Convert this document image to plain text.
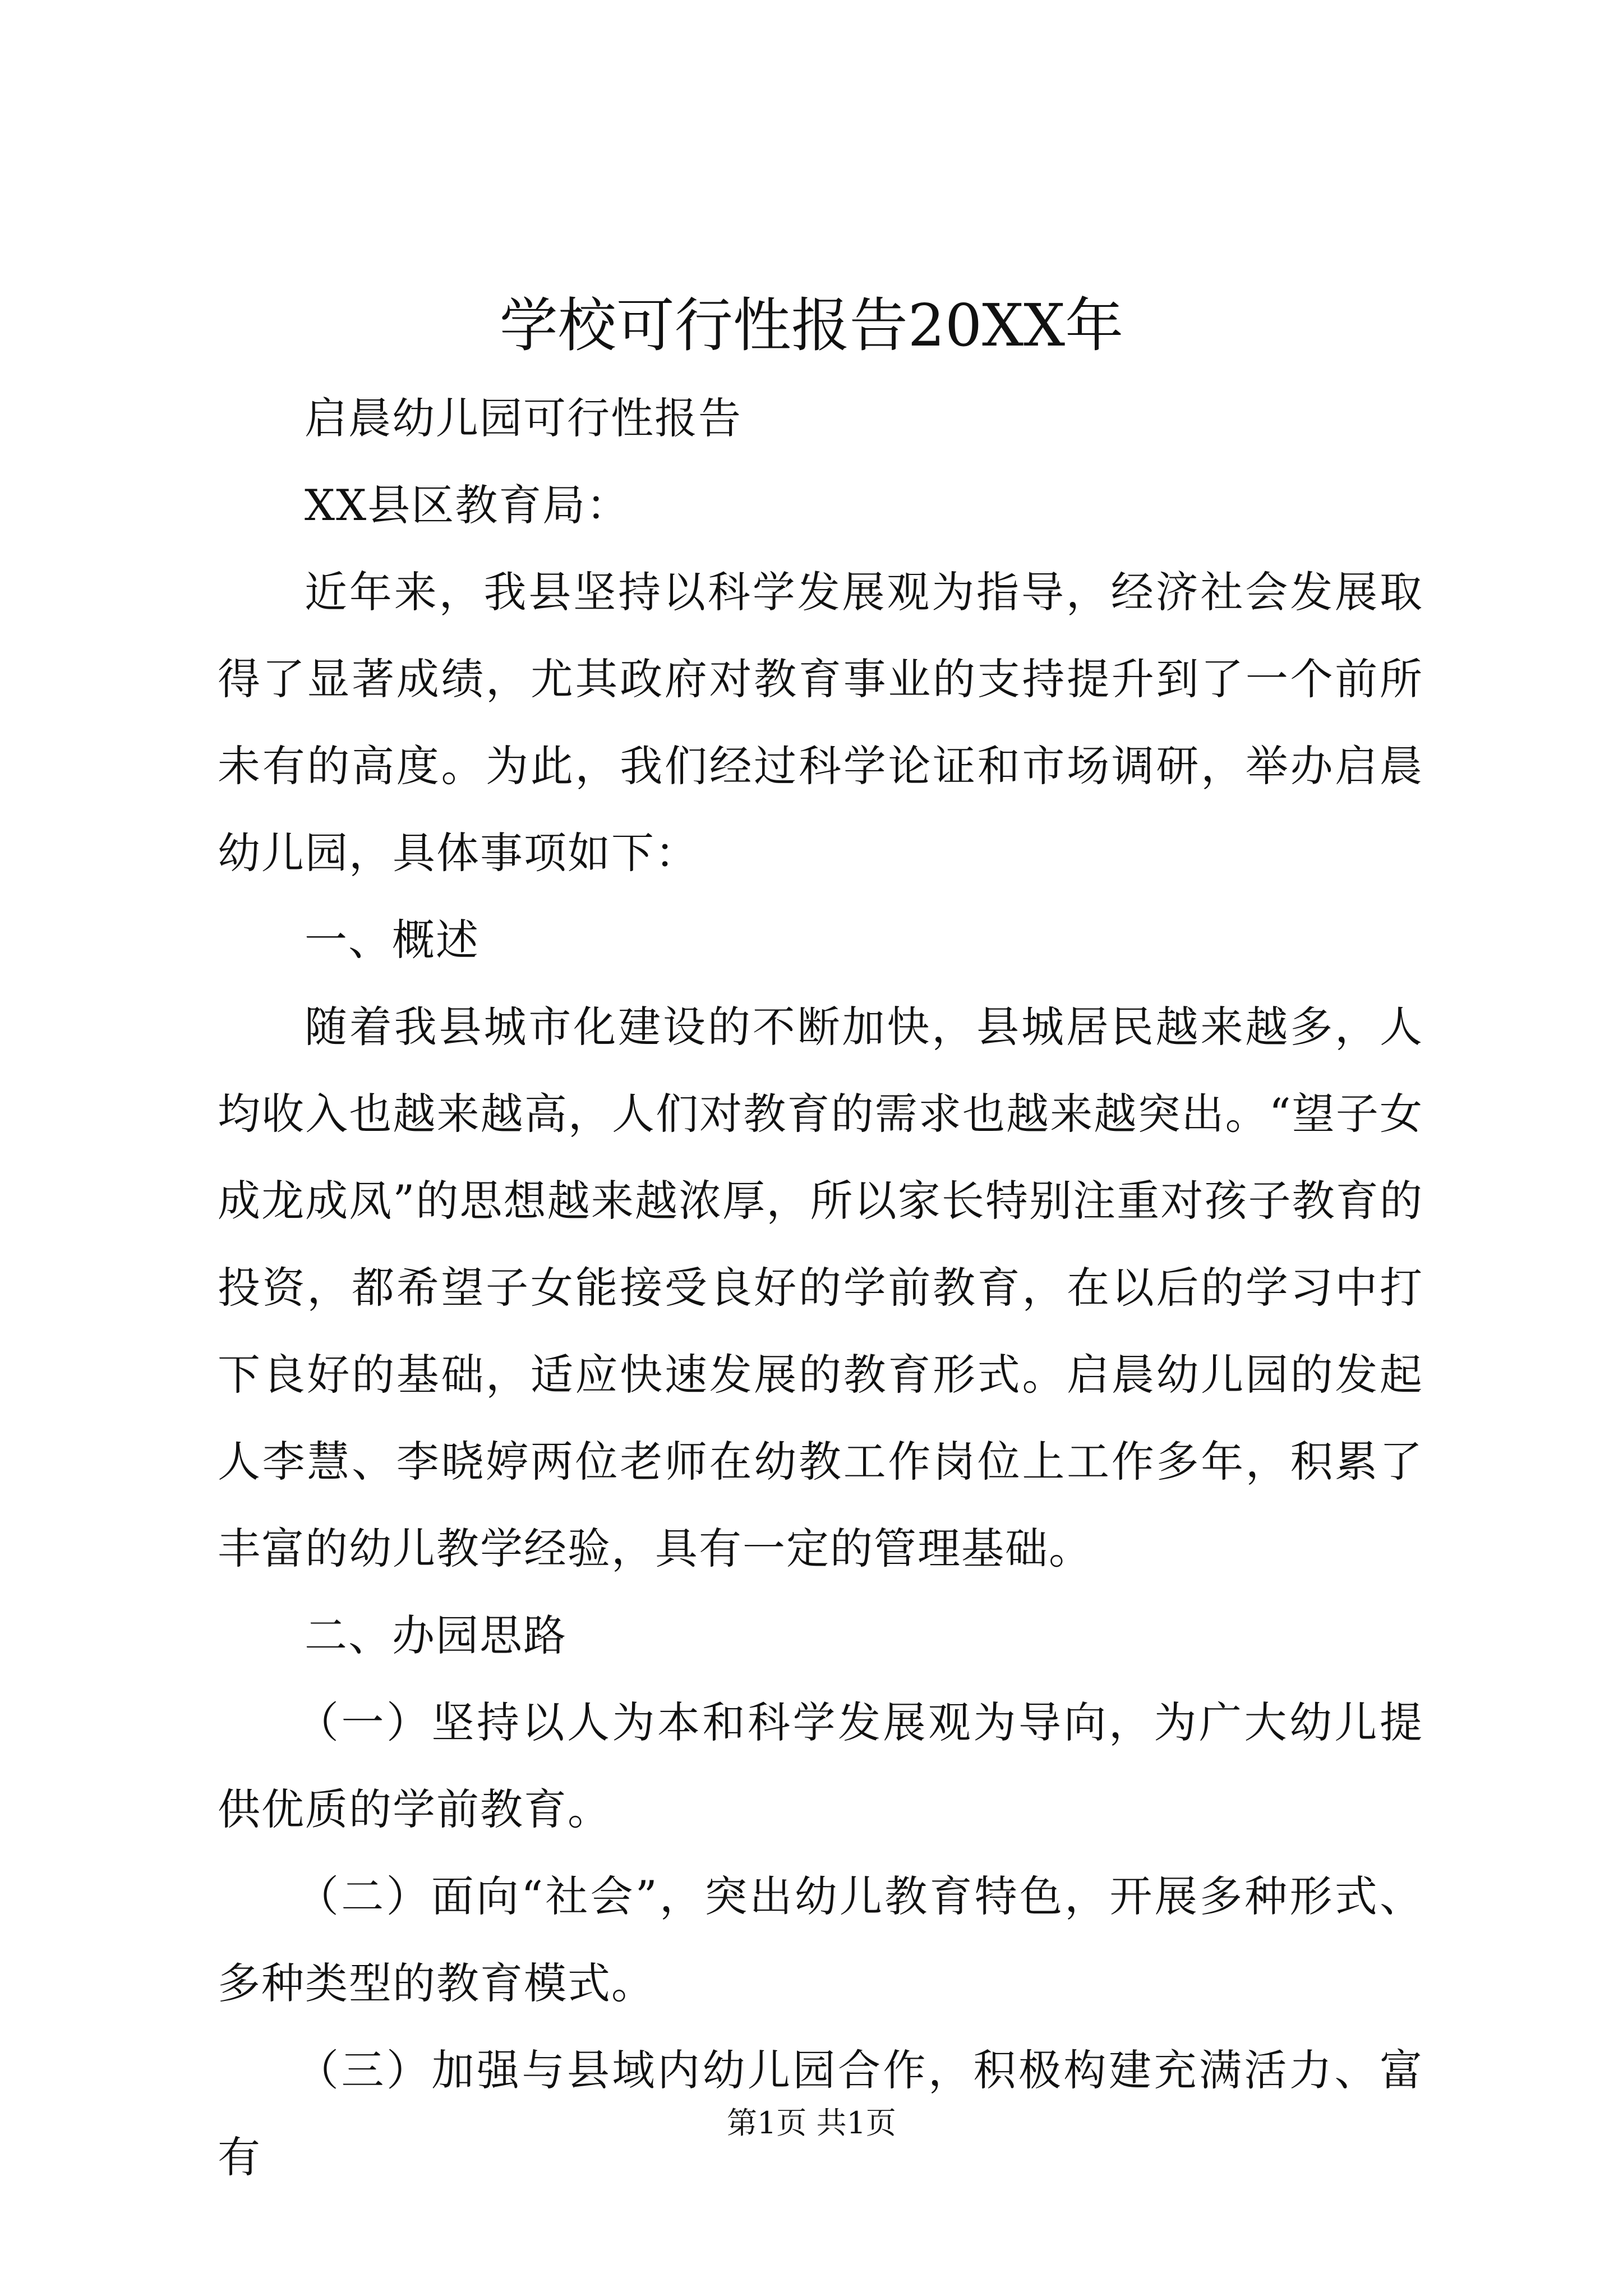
学校可行性报告20XX年

启晨幼儿园可行性报告

XX县区教育局：

近年来，我县坚持以科学发展观为指导，经济社会发展取得了显著成绩，尤其政府对教育事业的支持提升到了一个前所未有的高度。为此，我们经过科学论证和市场调研，举办启晨幼儿园，具体事项如下：

一、概述

随着我县城市化建设的不断加快，县城居民越来越多，人均收入也越来越高，人们对教育的需求也越来越突出。“望子女成龙成凤”的思想越来越浓厚，所以家长特别注重对孩子教育的投资，都希望子女能接受良好的学前教育，在以后的学习中打下良好的基础，适应快速发展的教育形式。启晨幼儿园的发起人李慧、李晓婷两位老师在幼教工作岗位上工作多年，积累了丰富的幼儿教学经验，具有一定的管理基础。

二、办园思路

（一）坚持以人为本和科学发展观为导向，为广大幼儿提供优质的学前教育。

（二）面向“社会”，突出幼儿教育特色，开展多种形式、多种类型的教育模式。

（三）加强与县域内幼儿园合作，积极构建充满活力、富有

第1页 共1页
